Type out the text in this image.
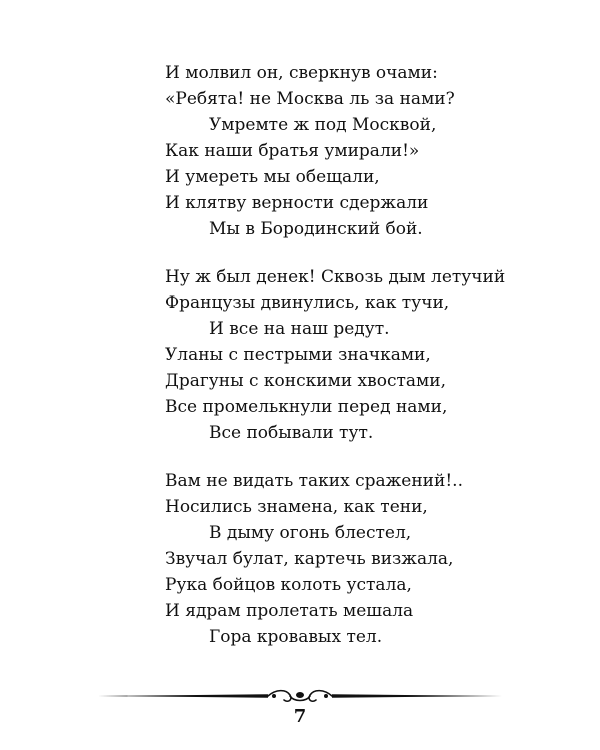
И молвил он, сверкнув очами:
«Ребята! не Москва ль за нами?
Умремте ж под Москвой,
Как наши братья умирали!»
И умереть мы обещали,
И клятву верности сдержали
Мы в Бородинский бой.
Ну ж был денек! Сквозь дым летучий
Французы двинулись, как тучи,
И все на наш редут.
Уланы с пестрыми значками,
Драгуны с конскими хвостами,
Все промелькнули перед нами,
Все побывали тут.
Вам не видать таких сражений!..
Носились знамена, как тени,
В дыму огонь блестел,
Звучал булат, картечь визжала,
Рука бойцов колоть устала,
И ядрам пролетать мешала
Гора кровавых тел.
7
